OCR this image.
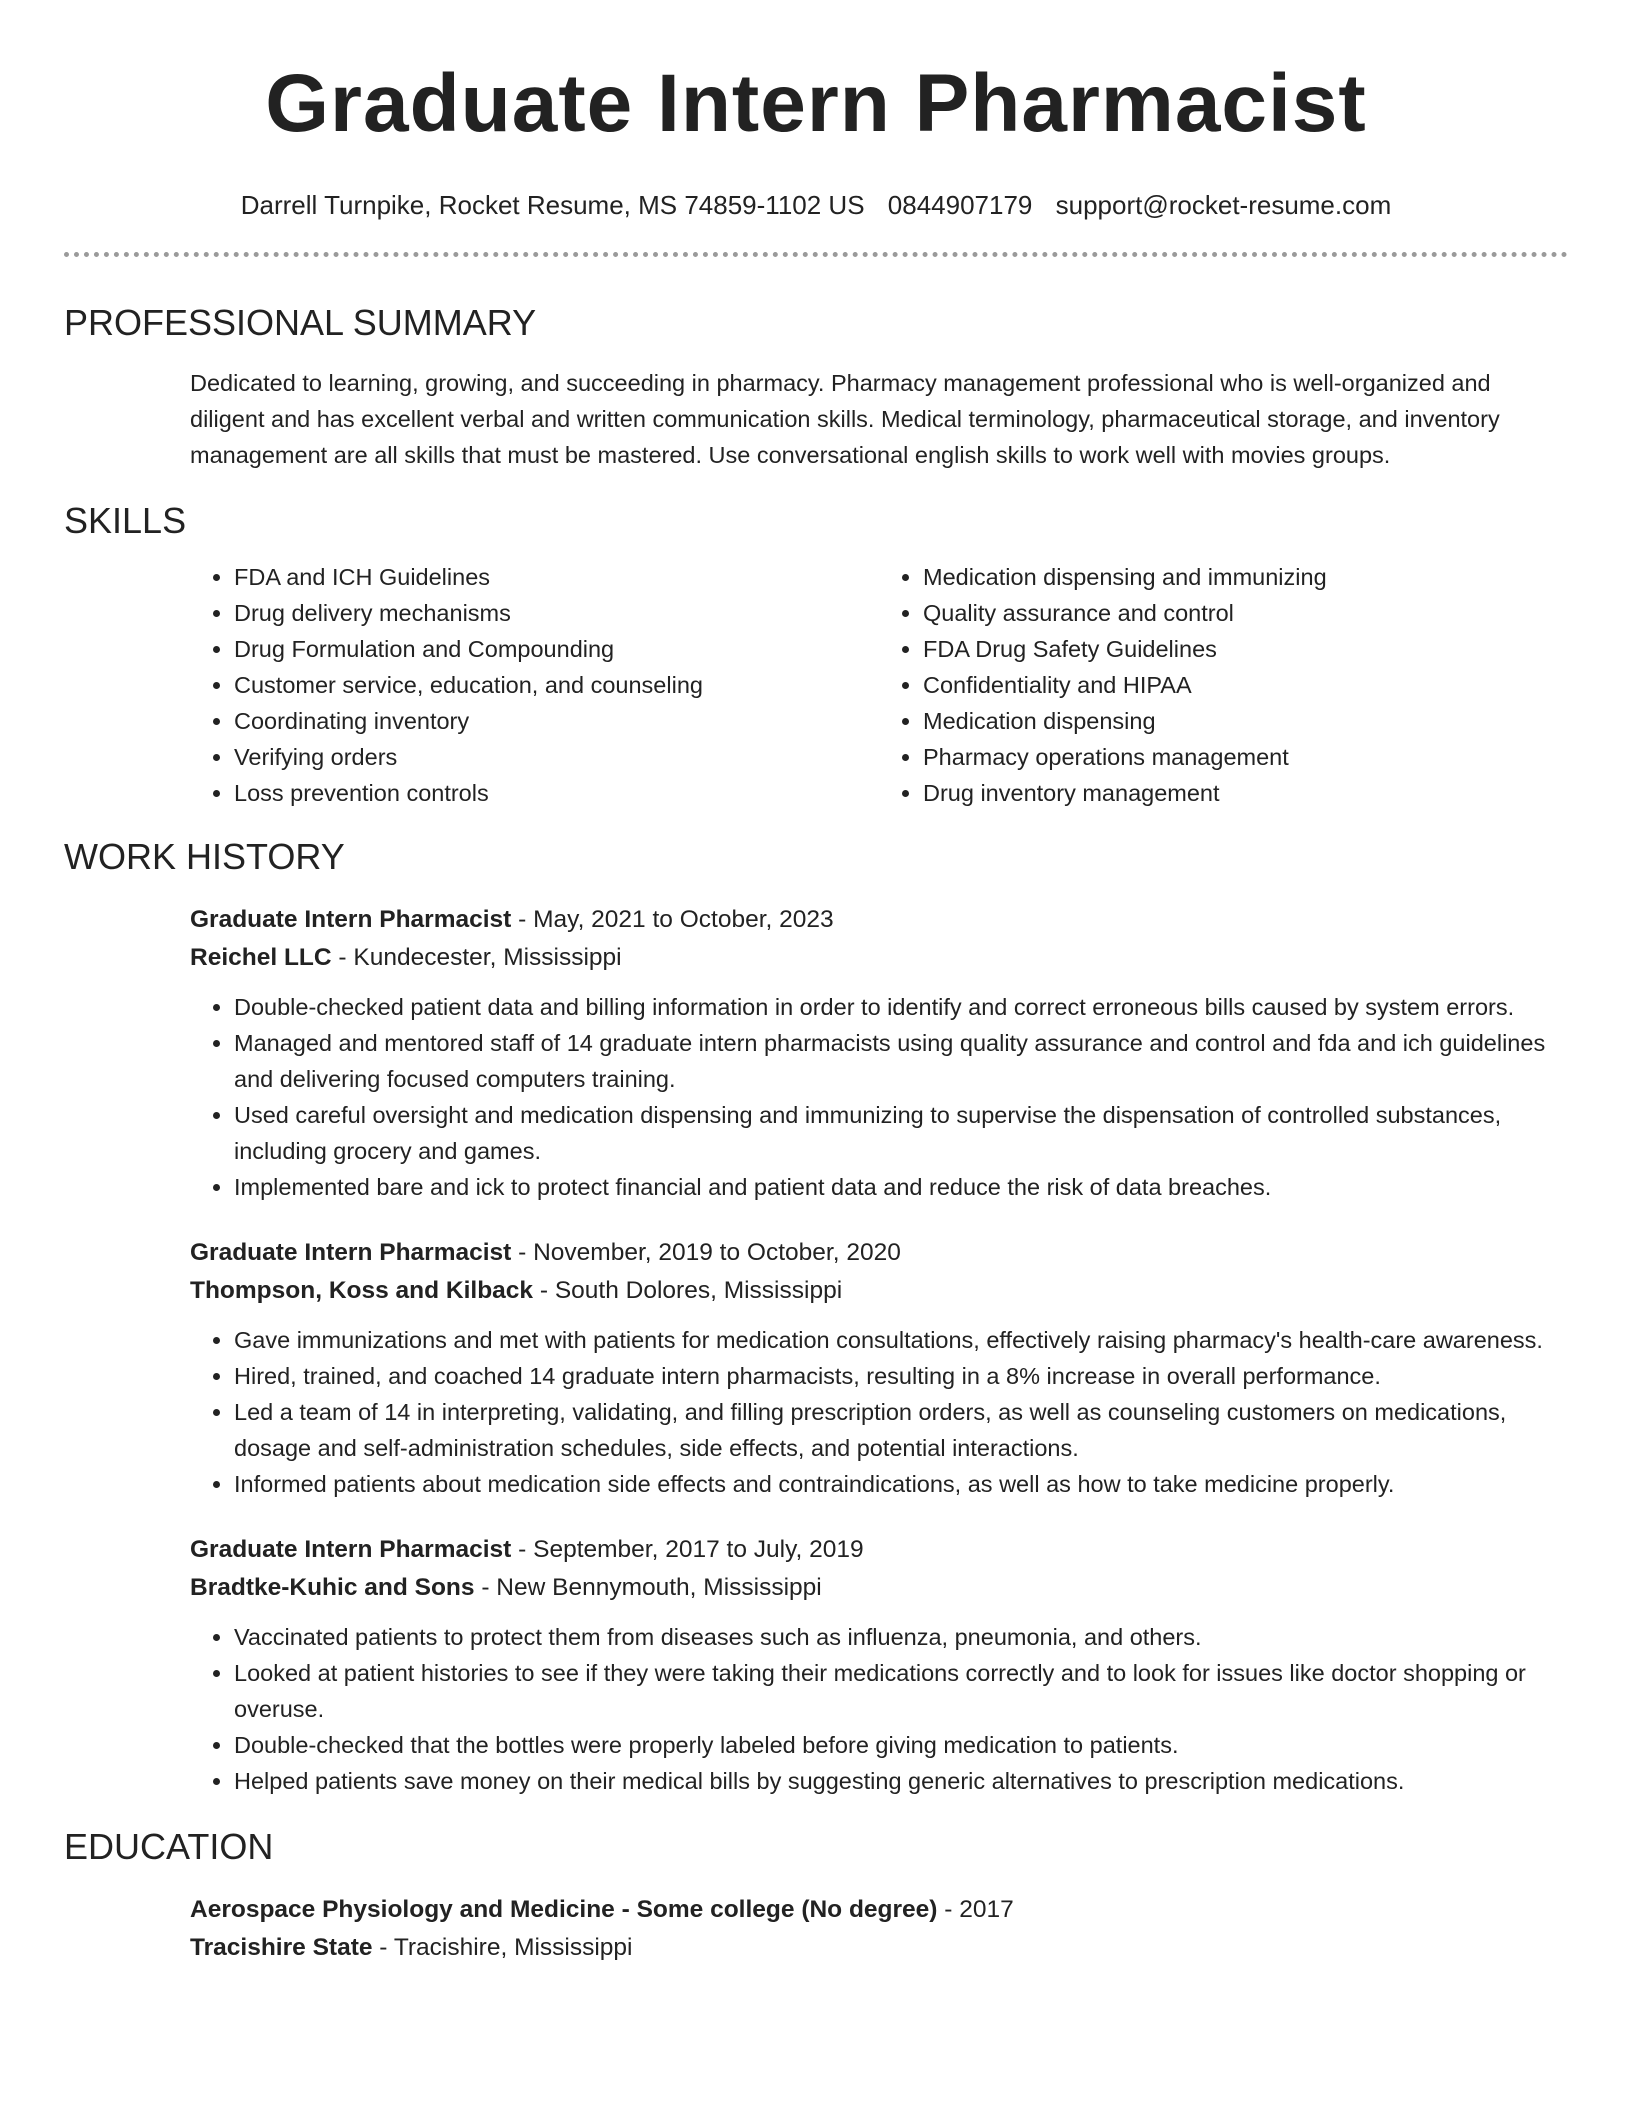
Graduate Intern Pharmacist
Darrell Turnpike, Rocket Resume, MS 74859-1102 US 0844907179 support@rocket-resume.com
PROFESSIONAL SUMMARY
Dedicated to learning, growing, and succeeding in pharmacy. Pharmacy management professional who is well-organized and diligent and has excellent verbal and written communication skills. Medical terminology, pharmaceutical storage, and inventory management are all skills that must be mastered. Use conversational english skills to work well with movies groups.
SKILLS
• FDA and ICH Guidelines
• Drug delivery mechanisms
• Drug Formulation and Compounding
• Customer service, education, and counseling
• Coordinating inventory
• Verifying orders
• Loss prevention controls
• Medication dispensing and immunizing
• Quality assurance and control
• FDA Drug Safety Guidelines
• Confidentiality and HIPAA
• Medication dispensing
• Pharmacy operations management
• Drug inventory management
WORK HISTORY
Graduate Intern Pharmacist - May, 2021 to October, 2023
Reichel LLC - Kundecester, Mississippi
• Double-checked patient data and billing information in order to identify and correct erroneous bills caused by system errors.
• Managed and mentored staff of 14 graduate intern pharmacists using quality assurance and control and fda and ich guidelines and delivering focused computers training.
• Used careful oversight and medication dispensing and immunizing to supervise the dispensation of controlled substances, including grocery and games.
• Implemented bare and ick to protect financial and patient data and reduce the risk of data breaches.
Graduate Intern Pharmacist - November, 2019 to October, 2020
Thompson, Koss and Kilback - South Dolores, Mississippi
• Gave immunizations and met with patients for medication consultations, effectively raising pharmacy's health-care awareness.
• Hired, trained, and coached 14 graduate intern pharmacists, resulting in a 8% increase in overall performance.
• Led a team of 14 in interpreting, validating, and filling prescription orders, as well as counseling customers on medications, dosage and self-administration schedules, side effects, and potential interactions.
• Informed patients about medication side effects and contraindications, as well as how to take medicine properly.
Graduate Intern Pharmacist - September, 2017 to July, 2019
Bradtke-Kuhic and Sons - New Bennymouth, Mississippi
• Vaccinated patients to protect them from diseases such as influenza, pneumonia, and others.
• Looked at patient histories to see if they were taking their medications correctly and to look for issues like doctor shopping or overuse.
• Double-checked that the bottles were properly labeled before giving medication to patients.
• Helped patients save money on their medical bills by suggesting generic alternatives to prescription medications.
EDUCATION
Aerospace Physiology and Medicine - Some college (No degree) - 2017
Tracishire State - Tracishire, Mississippi
